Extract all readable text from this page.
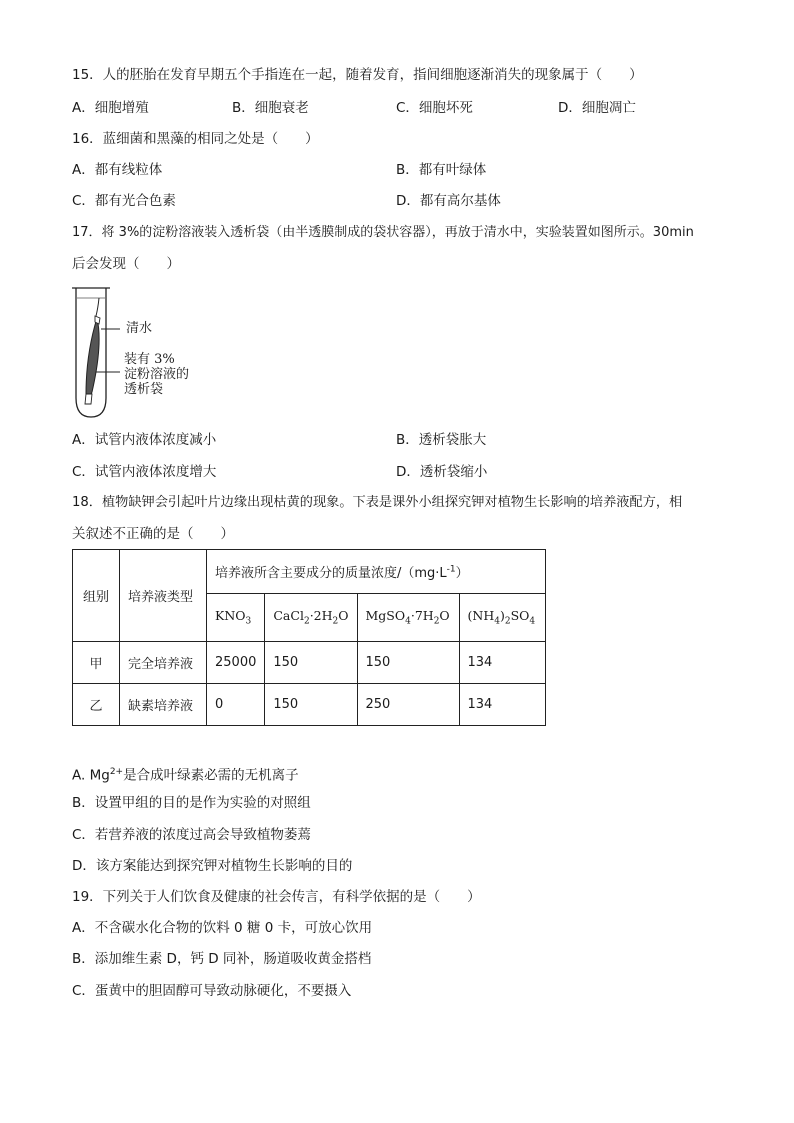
15．人的胚胎在发育早期五个手指连在一起，随着发育，指间细胞逐渐消失的现象属于（　　）
A．细胞增殖	B．细胞衰老	C．细胞坏死	D．细胞凋亡
16．蓝细菌和黑藻的相同之处是（　　）
A．都有线粒体	B．都有叶绿体
C．都有光合色素	D．都有高尔基体
17．将 3%的淀粉溶液装入透析袋（由半透膜制成的袋状容器），再放于清水中，实验装置如图所示。30min
后会发现（　　）
清水
装有 3%
淀粉溶液的
透析袋
A．试管内液体浓度减小	B．透析袋胀大
C．试管内液体浓度增大	D．透析袋缩小
18．植物缺钾会引起叶片边缘出现枯黄的现象。下表是课外小组探究钾对植物生长影响的培养液配方，相
关叙述不正确的是（　　）
组别	培养液类型	培养液所含主要成分的质量浓度$/(mg\cdot L^{-1})$			
		$KNO_3$	$CaCl_2\cdot 2H_2O$	$MgSO_4\cdot 7H_2O$	$(NH_4)_2SO_4$
甲	完全培养液	25000	150	150	134
乙	缺素培养液	0	150	250	134
A. $Mg^{2+}$是合成叶绿素必需的无机离子
B．设置甲组的目的是作为实验的对照组
C．若营养液的浓度过高会导致植物萎蔫
D．该方案能达到探究钾对植物生长影响的目的
19．下列关于人们饮食及健康的社会传言，有科学依据的是（　　）
A．不含碳水化合物的饮料 0 糖 0 卡，可放心饮用
B．添加维生素 D，钙 D 同补，肠道吸收黄金搭档
C．蛋黄中的胆固醇可导致动脉硬化，不要摄入
